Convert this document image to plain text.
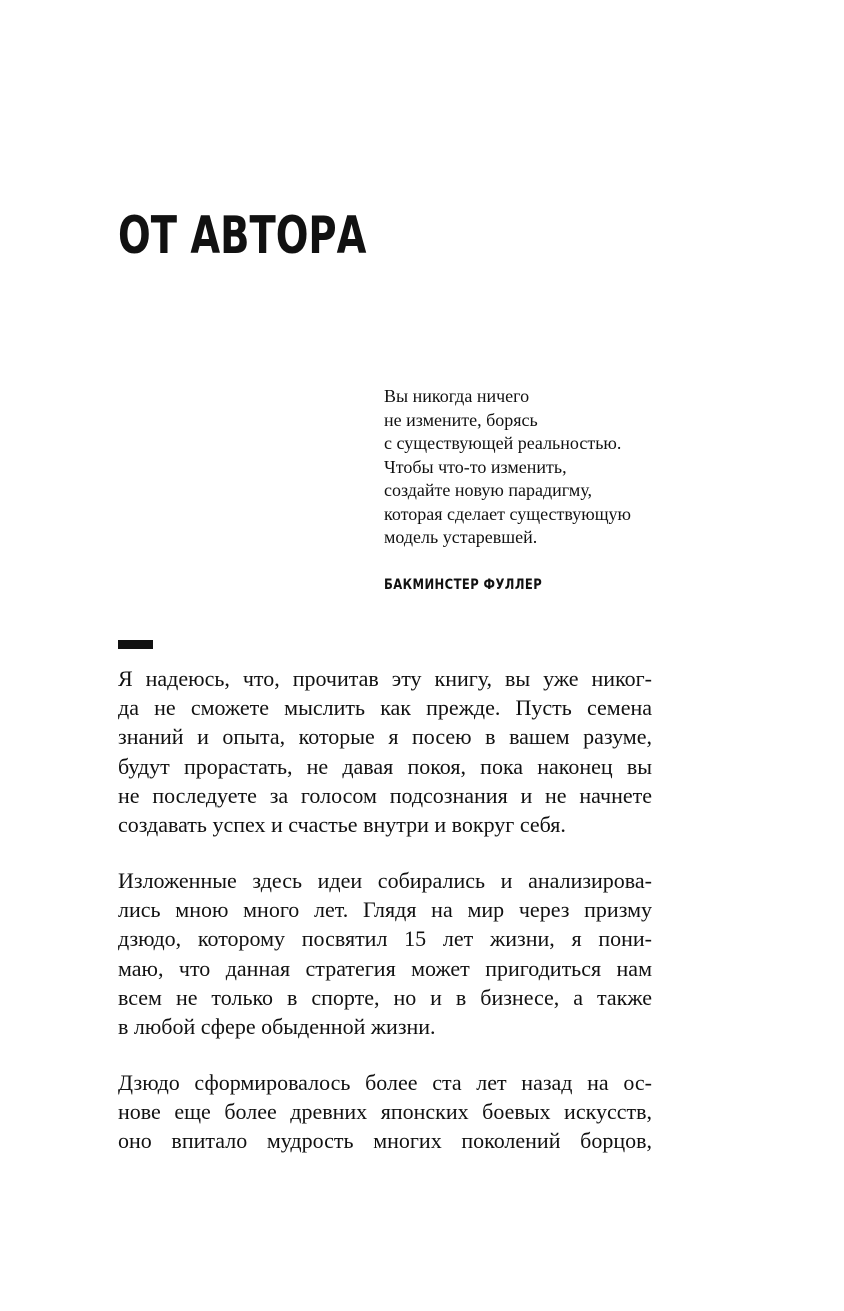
ОТ АВТОРА
Вы никогда ничего
не измените, борясь
с существующей реальностью.
Чтобы что-то изменить,
создайте новую парадигму,
которая сделает существующую
модель устаревшей.
БАКМИНСТЕР ФУЛЛЕР
Я надеюсь, что, прочитав эту книгу, вы уже никог-
да не сможете мыслить как прежде. Пусть семена
знаний и опыта, которые я посею в вашем разуме,
будут прорастать, не давая покоя, пока наконец вы
не последуете за голосом подсознания и не начнете
создавать успех и счастье внутри и вокруг себя.
Изложенные здесь идеи собирались и анализирова-
лись мною много лет. Глядя на мир через призму
дзюдо, которому посвятил 15 лет жизни, я пони-
маю, что данная стратегия может пригодиться нам
всем не только в спорте, но и в бизнесе, а также
в любой сфере обыденной жизни.
Дзюдо сформировалось более ста лет назад на ос-
нове еще более древних японских боевых искусств,
оно впитало мудрость многих поколений борцов,
